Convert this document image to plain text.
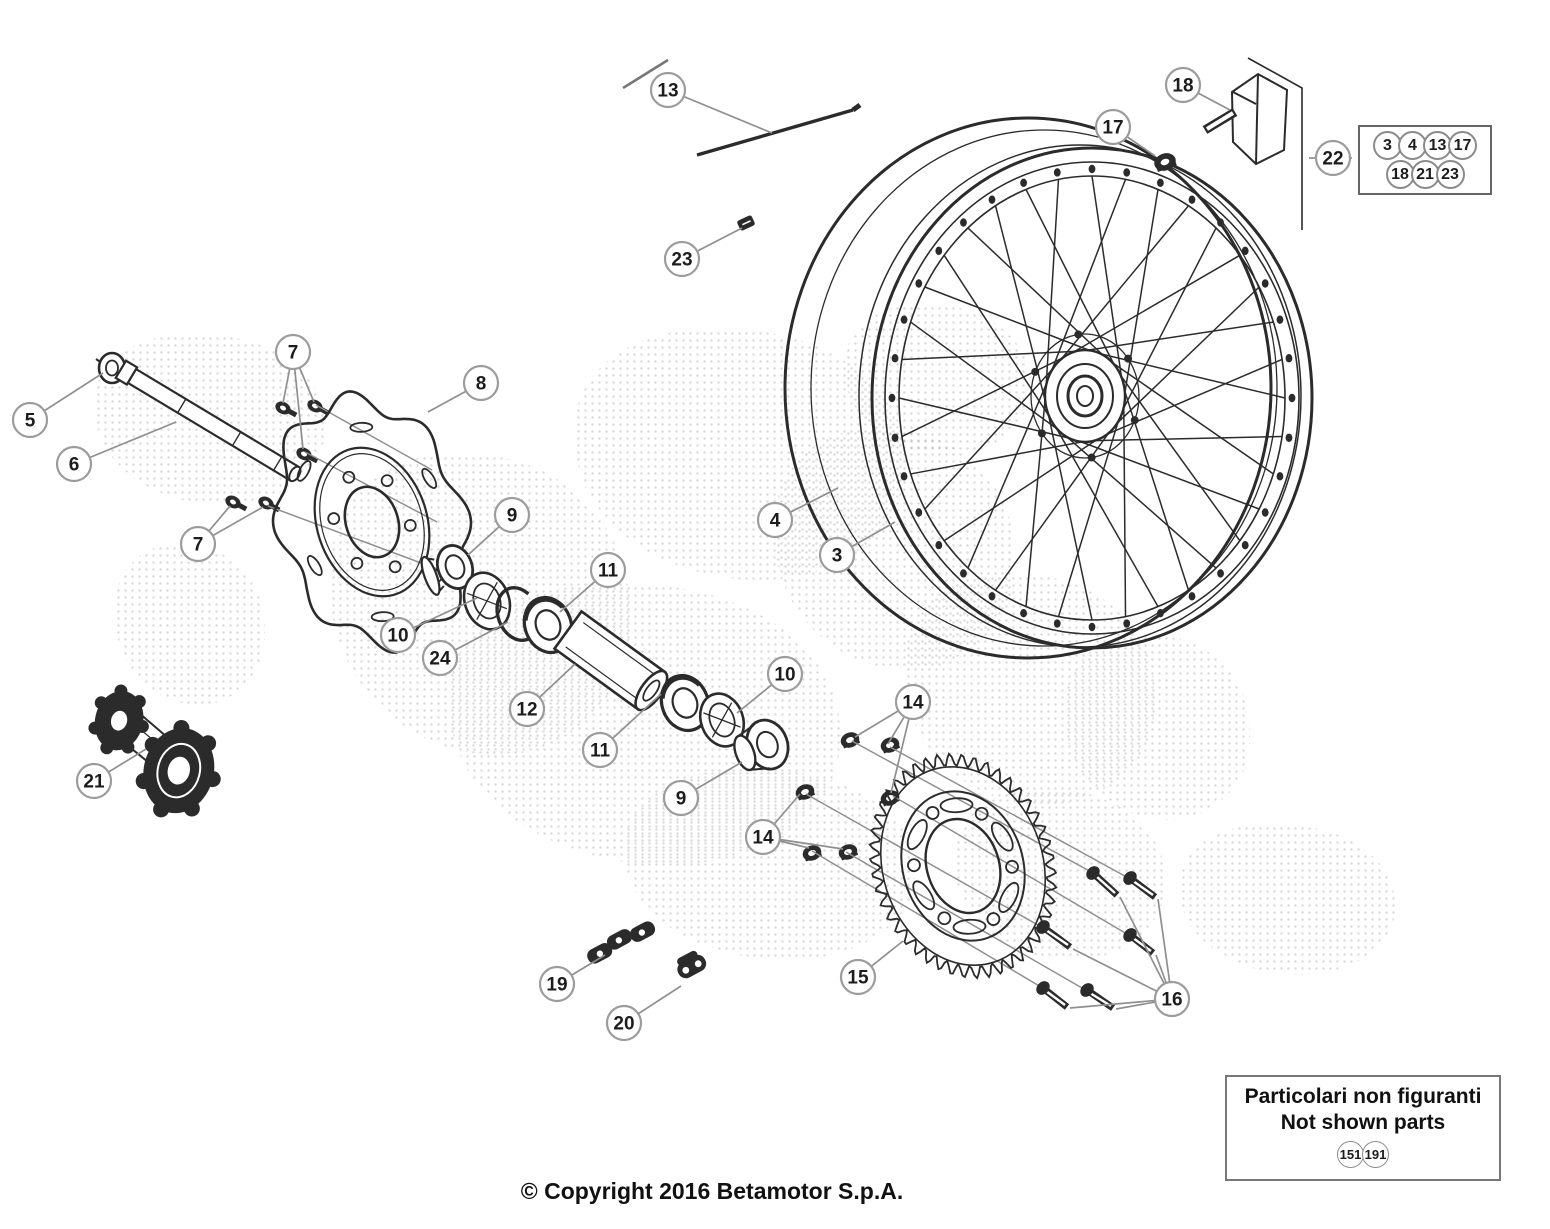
13
23
18
17
22
4
3
5
6
7
7
8
9
10
24
11
12
11
10
9
14
14
15
16
19
20
21
3	4 13 17
18 21 23
Particolari non figuranti
Not shown parts
151 191
© Copyright 2016 Betamotor S.p.A.
